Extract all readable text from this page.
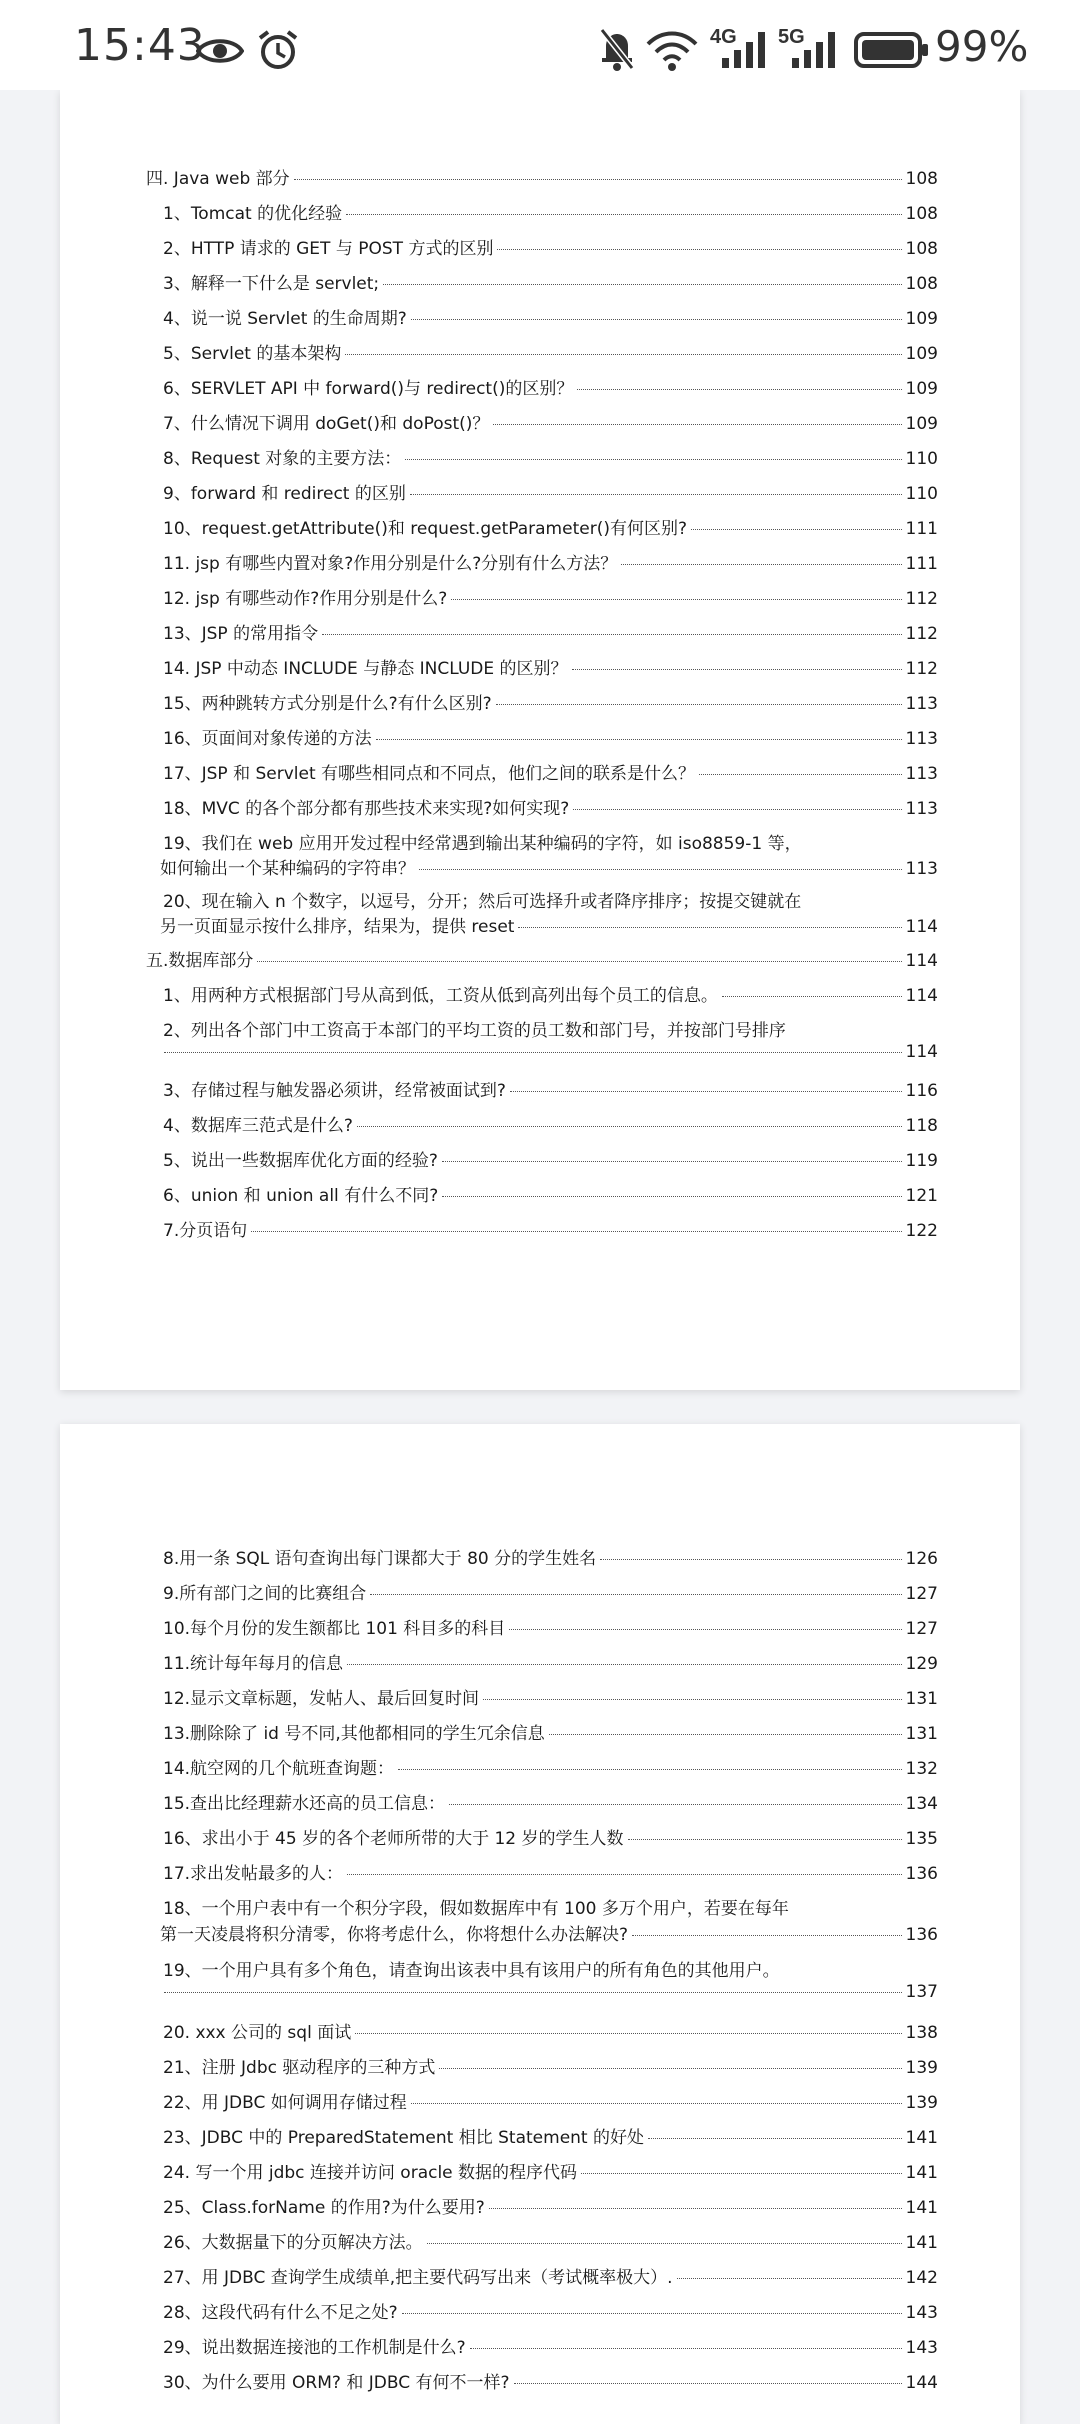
15:43	4G 5G	99%
四. Java web 部分	108
1、Tomcat 的优化经验	108
2、HTTP 请求的 GET 与 POST 方式的区别	108
3、解释一下什么是 servlet;	108
4、说一说 Servlet 的生命周期?	109
5、Servlet 的基本架构	109
6、SERVLET API 中 forward()与 redirect()的区别？	109
7、什么情况下调用 doGet()和 doPost()？	109
8、Request 对象的主要方法：	110
9、forward 和 redirect 的区别	110
10、request.getAttribute()和 request.getParameter()有何区别?	111
11. jsp 有哪些内置对象?作用分别是什么?分别有什么方法？	111
12. jsp 有哪些动作?作用分别是什么?	112
13、JSP 的常用指令	112
14. JSP 中动态 INCLUDE 与静态 INCLUDE 的区别？	112
15、两种跳转方式分别是什么?有什么区别?	113
16、页面间对象传递的方法	113
17、JSP 和 Servlet 有哪些相同点和不同点，他们之间的联系是什么？	113
18、MVC 的各个部分都有那些技术来实现?如何实现?	113
19、我们在 web 应用开发过程中经常遇到输出某种编码的字符，如 iso8859-1 等，
如何输出一个某种编码的字符串？	113
20、现在输入 n 个数字，以逗号，分开；然后可选择升或者降序排序；按提交键就在
另一页面显示按什么排序，结果为，提供 reset	114
五.数据库部分	114
1、用两种方式根据部门号从高到低，工资从低到高列出每个员工的信息。	114
2、列出各个部门中工资高于本部门的平均工资的员工数和部门号，并按部门号排序
114
3、存储过程与触发器必须讲，经常被面试到?	116
4、数据库三范式是什么?	118
5、说出一些数据库优化方面的经验?	119
6、union 和 union all 有什么不同?	121
7.分页语句	122
8.用一条 SQL 语句查询出每门课都大于 80 分的学生姓名	126
9.所有部门之间的比赛组合	127
10.每个月份的发生额都比 101 科目多的科目	127
11.统计每年每月的信息	129
12.显示文章标题，发帖人、最后回复时间	131
13.删除除了 id 号不同,其他都相同的学生冗余信息	131
14.航空网的几个航班查询题：	132
15.查出比经理薪水还高的员工信息：	134
16、求出小于 45 岁的各个老师所带的大于 12 岁的学生人数	135
17.求出发帖最多的人：	136
18、一个用户表中有一个积分字段，假如数据库中有 100 多万个用户，若要在每年
第一天凌晨将积分清零，你将考虑什么，你将想什么办法解决?	136
19、一个用户具有多个角色，请查询出该表中具有该用户的所有角色的其他用户。
137
20. xxx 公司的 sql 面试	138
21、注册 Jdbc 驱动程序的三种方式	139
22、用 JDBC 如何调用存储过程	139
23、JDBC 中的 PreparedStatement 相比 Statement 的好处	141
24. 写一个用 jdbc 连接并访问 oracle 数据的程序代码	141
25、Class.forName 的作用?为什么要用?	141
26、大数据量下的分页解决方法。	141
27、用 JDBC 查询学生成绩单,把主要代码写出来（考试概率极大）.	142
28、这段代码有什么不足之处?	143
29、说出数据连接池的工作机制是什么?	143
30、为什么要用 ORM? 和 JDBC 有何不一样?	144
